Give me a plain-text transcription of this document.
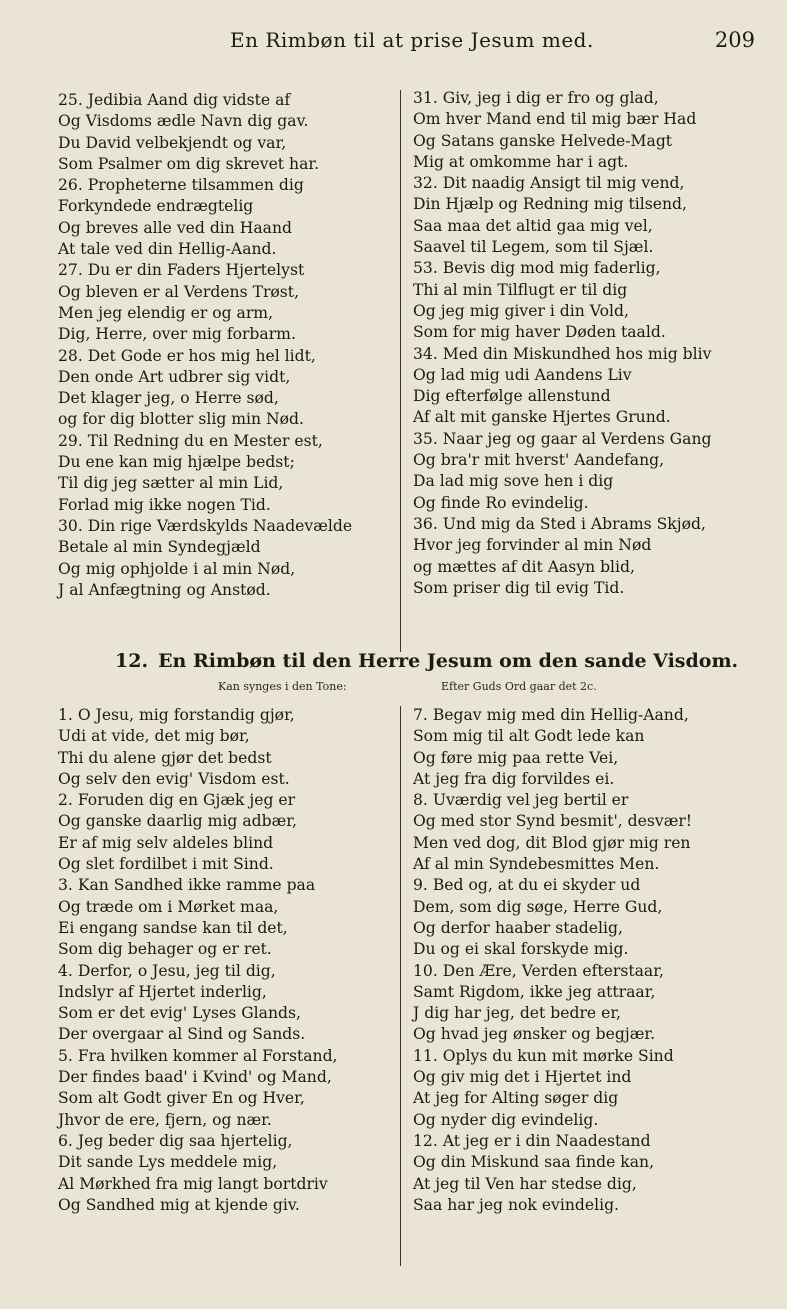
En Rimbøn til at prise Jesum med.	209
25. Jedibia Aand dig vidste af
Og Visdoms ædle Navn dig gav.
Du David velbekjendt og var,
Som Psalmer om dig skrevet har.
26. Propheterne tilsammen dig
Forkyndede endrægtelig
Og breves alle ved din Haand
At tale ved din Hellig-Aand.
27. Du er din Faders Hjertelyst
Og bleven er al Verdens Trøst,
Men jeg elendig er og arm,
Dig, Herre, over mig forbarm.
28. Det Gode er hos mig hel lidt,
Den onde Art udbrer sig vidt,
Det klager jeg, o Herre sød,
og for dig blotter slig min Nød.
29. Til Redning du en Mester est,
Du ene kan mig hjælpe bedst;
Til dig jeg sætter al min Lid,
Forlad mig ikke nogen Tid.
30. Din rige Værdskylds Naadevælde
Betale al min Syndegjæld
Og mig ophjolde i al min Nød,
J al Anfægtning og Anstød.
31. Giv, jeg i dig er fro og glad,
Om hver Mand end til mig bær Had
Og Satans ganske Helvede-Magt
Mig at omkomme har i agt.
32. Dit naadig Ansigt til mig vend,
Din Hjælp og Redning mig tilsend,
Saa maa det altid gaa mig vel,
Saavel til Legem, som til Sjæl.
53. Bevis dig mod mig faderlig,
Thi al min Tilflugt er til dig
Og jeg mig giver i din Vold,
Som for mig haver Døden taald.
34. Med din Miskundhed hos mig bliv
Og lad mig udi Aandens Liv
Dig efterfølge allenstund
Af alt mit ganske Hjertes Grund.
35. Naar jeg og gaar al Verdens Gang
Og bra'r mit hverst' Aandefang,
Da lad mig sove hen i dig
Og finde Ro evindelig.
36. Und mig da Sted i Abrams Skjød,
Hvor jeg forvinder al min Nød
og mættes af dit Aasyn blid,
Som priser dig til evig Tid.
12. En Rimbøn til den Herre Jesum om den sande Visdom.
Kan synges i den Tone:	Efter Guds Ord gaar det 2c.
1. O Jesu, mig forstandig gjør,
Udi at vide, det mig bør,
Thi du alene gjør det bedst
Og selv den evig' Visdom est.
2. Foruden dig en Gjæk jeg er
Og ganske daarlig mig adbær,
Er af mig selv aldeles blind
Og slet fordilbet i mit Sind.
3. Kan Sandhed ikke ramme paa
Og træde om i Mørket maa,
Ei engang sandse kan til det,
Som dig behager og er ret.
4. Derfor, o Jesu, jeg til dig,
Indslyr af Hjertet inderlig,
Som er det evig' Lyses Glands,
Der overgaar al Sind og Sands.
5. Fra hvilken kommer al Forstand,
Der findes baad' i Kvind' og Mand,
Som alt Godt giver En og Hver,
Jhvor de ere, fjern, og nær.
6. Jeg beder dig saa hjertelig,
Dit sande Lys meddele mig,
Al Mørkhed fra mig langt bortdriv
Og Sandhed mig at kjende giv.
7. Begav mig med din Hellig-Aand,
Som mig til alt Godt lede kan
Og føre mig paa rette Vei,
At jeg fra dig forvildes ei.
8. Uværdig vel jeg bertil er
Og med stor Synd besmit', desvær!
Men ved dog, dit Blod gjør mig ren
Af al min Syndebesmittes Men.
9. Bed og, at du ei skyder ud
Dem, som dig søge, Herre Gud,
Og derfor haaber stadelig,
Du og ei skal forskyde mig.
10. Den Ære, Verden efterstaar,
Samt Rigdom, ikke jeg attraar,
J dig har jeg, det bedre er,
Og hvad jeg ønsker og begjær.
11. Oplys du kun mit mørke Sind
Og giv mig det i Hjertet ind
At jeg for Alting søger dig
Og nyder dig evindelig.
12. At jeg er i din Naadestand
Og din Miskund saa finde kan,
At jeg til Ven har stedse dig,
Saa har jeg nok evindelig.
